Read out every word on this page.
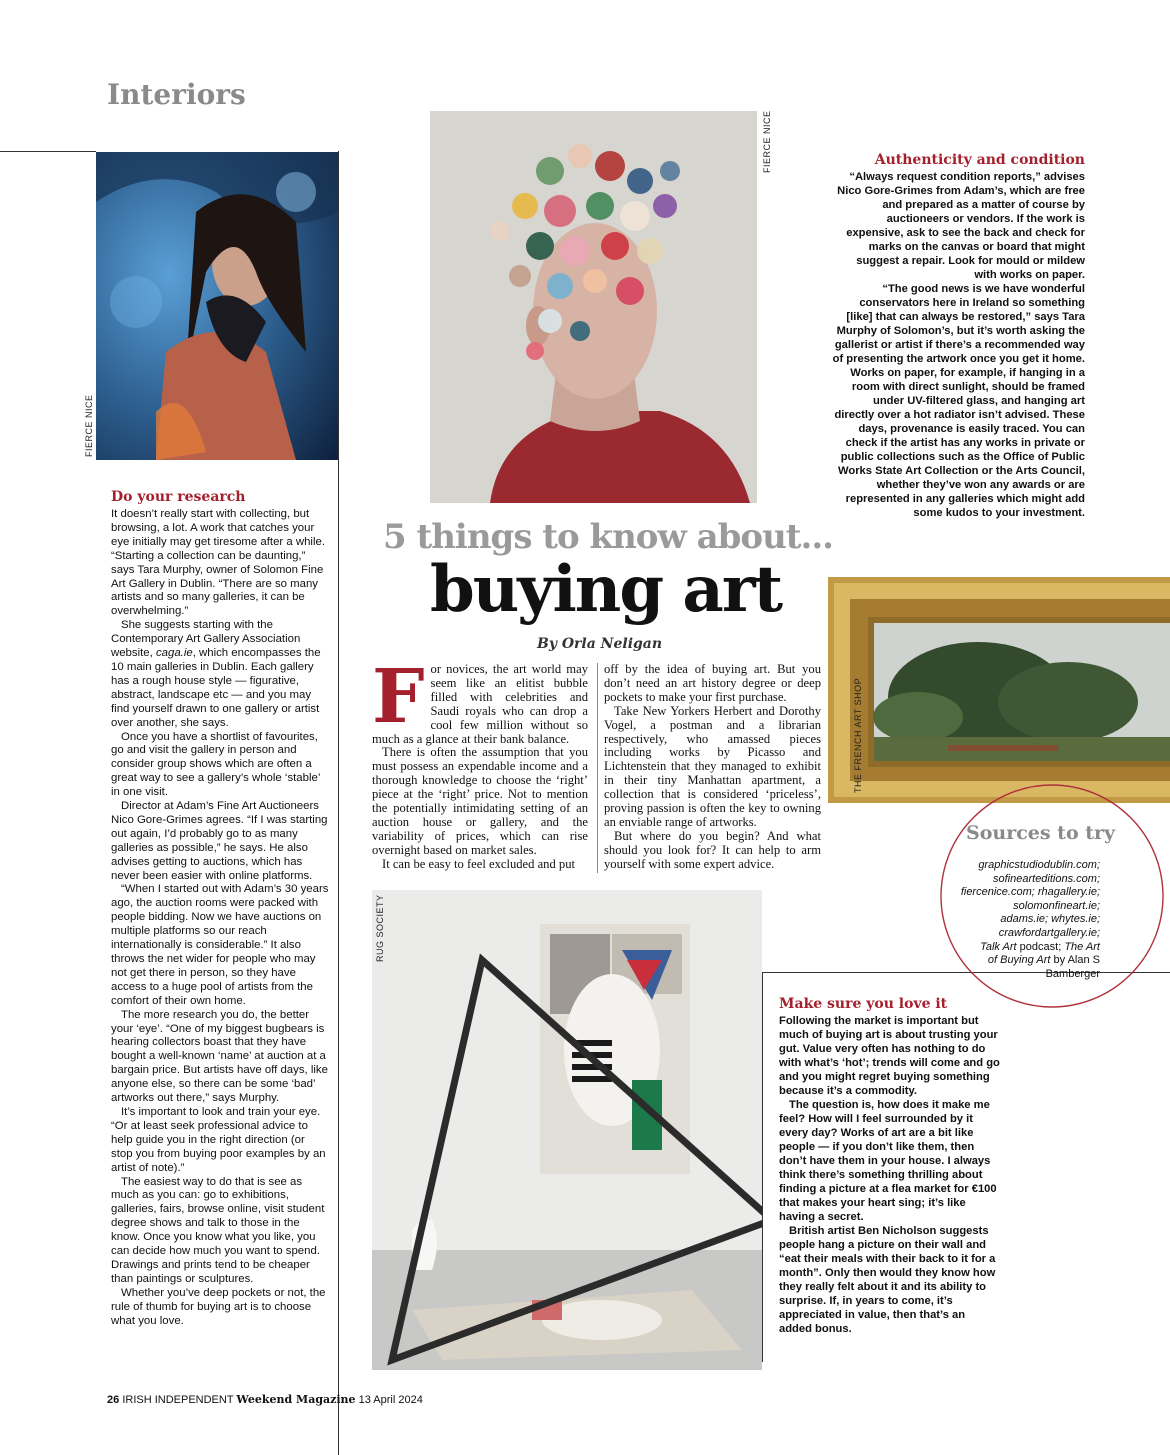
Interiors
FIERCE NICE
FIERCE NICE
THE FRENCH ART SHOP
RUG SOCIETY
Do your research

It doesn’t really start with collecting, but browsing, a lot. A work that catches your eye initially may get tiresome after a while. “Starting a collection can be daunting,” says Tara Murphy, owner of Solomon Fine Art Gallery in Dublin. “There are so many artists and so many galleries, it can be overwhelming.”

She suggests starting with the Contemporary Art Gallery Association website, caga.ie, which encompasses the 10 main galleries in Dublin. Each gallery has a rough house style — figurative, abstract, landscape etc — and you may find yourself drawn to one gallery or artist over another, she says.

Once you have a shortlist of favourites, go and visit the gallery in person and consider group shows which are often a great way to see a gallery’s whole ‘stable’ in one visit.

Director at Adam’s Fine Art Auctioneers Nico Gore-Grimes agrees. “If I was starting out again, I’d probably go to as many galleries as possible,” he says. He also advises getting to auctions, which has never been easier with online platforms.

“When I started out with Adam’s 30 years ago, the auction rooms were packed with people bidding. Now we have auctions on multiple platforms so our reach internationally is considerable.” It also throws the net wider for people who may not get there in person, so they have access to a huge pool of artists from the comfort of their own home.

The more research you do, the better your ‘eye’. “One of my biggest bugbears is hearing collectors boast that they have bought a well-known ‘name’ at auction at a bargain price. But artists have off days, like anyone else, so there can be some ‘bad’ artworks out there,” says Murphy.

It’s important to look and train your eye. “Or at least seek professional advice to help guide you in the right direction (or stop you from buying poor examples by an artist of note).”

The easiest way to do that is see as much as you can: go to exhibitions, galleries, fairs, browse online, visit student degree shows and talk to those in the know. Once you know what you like, you can decide how much you want to spend. Drawings and prints tend to be cheaper than paintings or sculptures.

Whether you’ve deep pockets or not, the rule of thumb for buying art is to choose what you love.

Authenticity and condition

“Always request condition reports,” advises Nico Gore-Grimes from Adam’s, which are free and prepared as a matter of course by auctioneers or vendors. If the work is expensive, ask to see the back and check for marks on the canvas or board that might suggest a repair. Look for mould or mildew with works on paper.

“The good news is we have wonderful conservators here in Ireland so something [like] that can always be restored,” says Tara Murphy of Solomon’s, but it’s worth asking the gallerist or artist if there’s a recommended way of presenting the artwork once you get it home. Works on paper, for example, if hanging in a room with direct sunlight, should be framed under UV-filtered glass, and hanging art directly over a hot radiator isn’t advised. These days, provenance is easily traced. You can check if the artist has any works in private or public collections such as the Office of Public Works State Art Collection or the Arts Council, whether they’ve won any awards or are represented in any galleries which might add some kudos to your investment.

5 things to know about...
buying art
By Orla Neligan

For novices, the art world may seem like an elitist bubble filled with celebrities and Saudi royals who can drop a cool few million without so much as a glance at their bank balance.

There is often the assumption that you must possess an expendable income and a thorough knowledge to choose the ‘right’ piece at the ‘right’ price. Not to mention the potentially intimidating setting of an auction house or gallery, and the variability of prices, which can rise overnight based on market sales.

It can be easy to feel excluded and put

off by the idea of buying art. But you don’t need an art history degree or deep pockets to make your first purchase.

Take New Yorkers Herbert and Dorothy Vogel, a postman and a librarian respectively, who amassed pieces including works by Picasso and Lichtenstein that they managed to exhibit in their tiny Manhattan apartment, a collection that is considered ‘priceless’, proving passion is often the key to owning an enviable range of artworks.

But where do you begin? And what should you look for? It can help to arm yourself with some expert advice.

Sources to try
graphicstudiodublin.com;
sofinearteditions.com;
fiercenice.com; rhagallery.ie;
solomonfineart.ie;
adams.ie; whytes.ie;
crawfordartgallery.ie;
Talk Art podcast; The Art
of Buying Art by Alan S
Bamberger
Make sure you love it

Following the market is important but much of buying art is about trusting your gut. Value very often has nothing to do with what’s ‘hot’; trends will come and go and you might regret buying something because it’s a commodity.

The question is, how does it make me feel? How will I feel surrounded by it every day? Works of art are a bit like people — if you don’t like them, then don’t have them in your house. I always think there’s something thrilling about finding a picture at a flea market for €100 that makes your heart sing; it’s like having a secret.

British artist Ben Nicholson suggests people hang a picture on their wall and “eat their meals with their back to it for a month”. Only then would they know how they really felt about it and its ability to surprise. If, in years to come, it’s appreciated in value, then that’s an added bonus.

26 IRISH INDEPENDENT Weekend Magazine 13 April 2024
